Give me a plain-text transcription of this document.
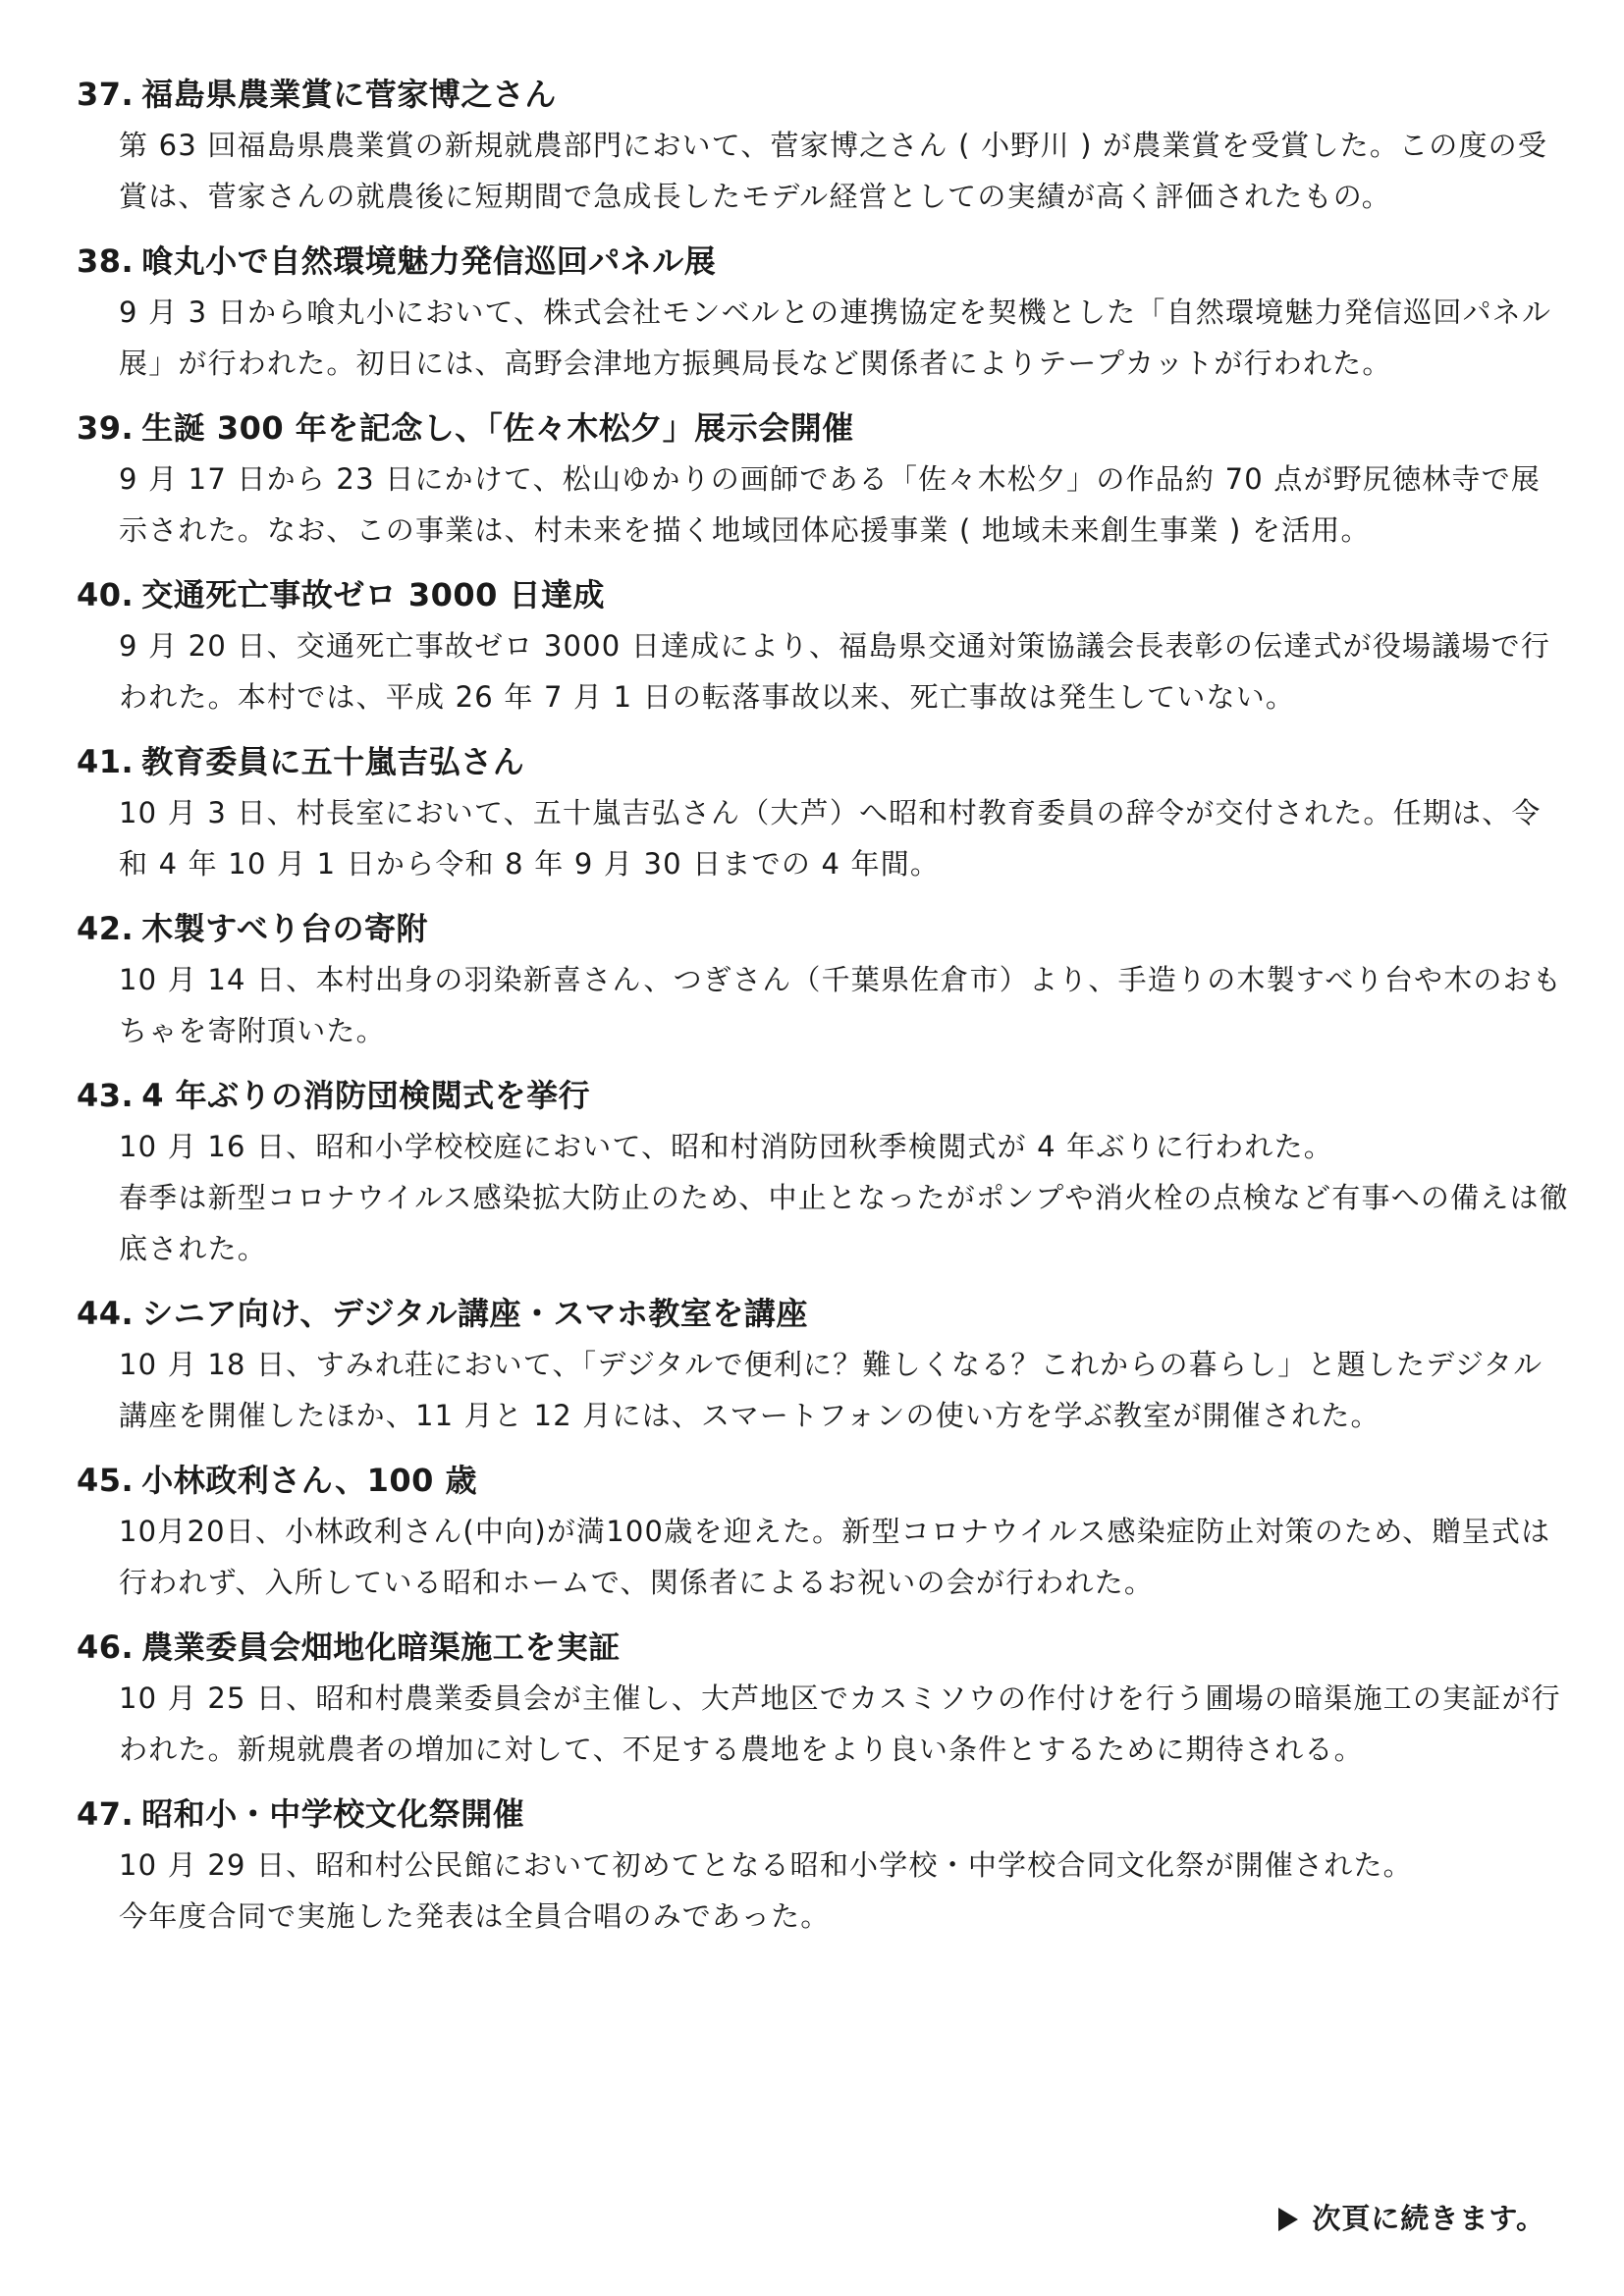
37. 福島県農業賞に菅家博之さん
第 63 回福島県農業賞の新規就農部門において、菅家博之さん ( 小野川 ) が農業賞を受賞した。この度の受賞は、菅家さんの就農後に短期間で急成長したモデル経営としての実績が高く評価されたもの。
38. 喰丸小で自然環境魅力発信巡回パネル展
9 月 3 日から喰丸小において、株式会社モンベルとの連携協定を契機とした「自然環境魅力発信巡回パネル展」が行われた。初日には、高野会津地方振興局長など関係者によりテープカットが行われた。
39. 生誕 300 年を記念し、「佐々木松夕」展示会開催
9 月 17 日から 23 日にかけて、松山ゆかりの画師である「佐々木松夕」の作品約 70 点が野尻徳林寺で展示された。なお、この事業は、村未来を描く地域団体応援事業 ( 地域未来創生事業 ) を活用。
40. 交通死亡事故ゼロ 3000 日達成
9 月 20 日、交通死亡事故ゼロ 3000 日達成により、福島県交通対策協議会長表彰の伝達式が役場議場で行われた。本村では、平成 26 年 7 月 1 日の転落事故以来、死亡事故は発生していない。
41. 教育委員に五十嵐吉弘さん
10 月 3 日、村長室において、五十嵐吉弘さん（大芦）へ昭和村教育委員の辞令が交付された。任期は、令和 4 年 10 月 1 日から令和 8 年 9 月 30 日までの 4 年間。
42. 木製すべり台の寄附
10 月 14 日、本村出身の羽染新喜さん、つぎさん（千葉県佐倉市）より、手造りの木製すべり台や木のおもちゃを寄附頂いた。
43. 4 年ぶりの消防団検閲式を挙行
10 月 16 日、昭和小学校校庭において、昭和村消防団秋季検閲式が 4 年ぶりに行われた。
春季は新型コロナウイルス感染拡大防止のため、中止となったがポンプや消火栓の点検など有事への備えは徹底された。
44. シニア向け、デジタル講座・スマホ教室を講座
10 月 18 日、すみれ荘において、「デジタルで便利に？難しくなる？これからの暮らし」と題したデジタル講座を開催したほか、11 月と 12 月には、スマートフォンの使い方を学ぶ教室が開催された。
45. 小林政利さん、100 歳
10月20日、小林政利さん(中向)が満100歳を迎えた。新型コロナウイルス感染症防止対策のため、贈呈式は行われず、入所している昭和ホームで、関係者によるお祝いの会が行われた。
46. 農業委員会畑地化暗渠施工を実証
10 月 25 日、昭和村農業委員会が主催し、大芦地区でカスミソウの作付けを行う圃場の暗渠施工の実証が行われた。新規就農者の増加に対して、不足する農地をより良い条件とするために期待される。
47. 昭和小・中学校文化祭開催
10 月 29 日、昭和村公民館において初めてとなる昭和小学校・中学校合同文化祭が開催された。
今年度合同で実施した発表は全員合唱のみであった。
次頁に続きます。
